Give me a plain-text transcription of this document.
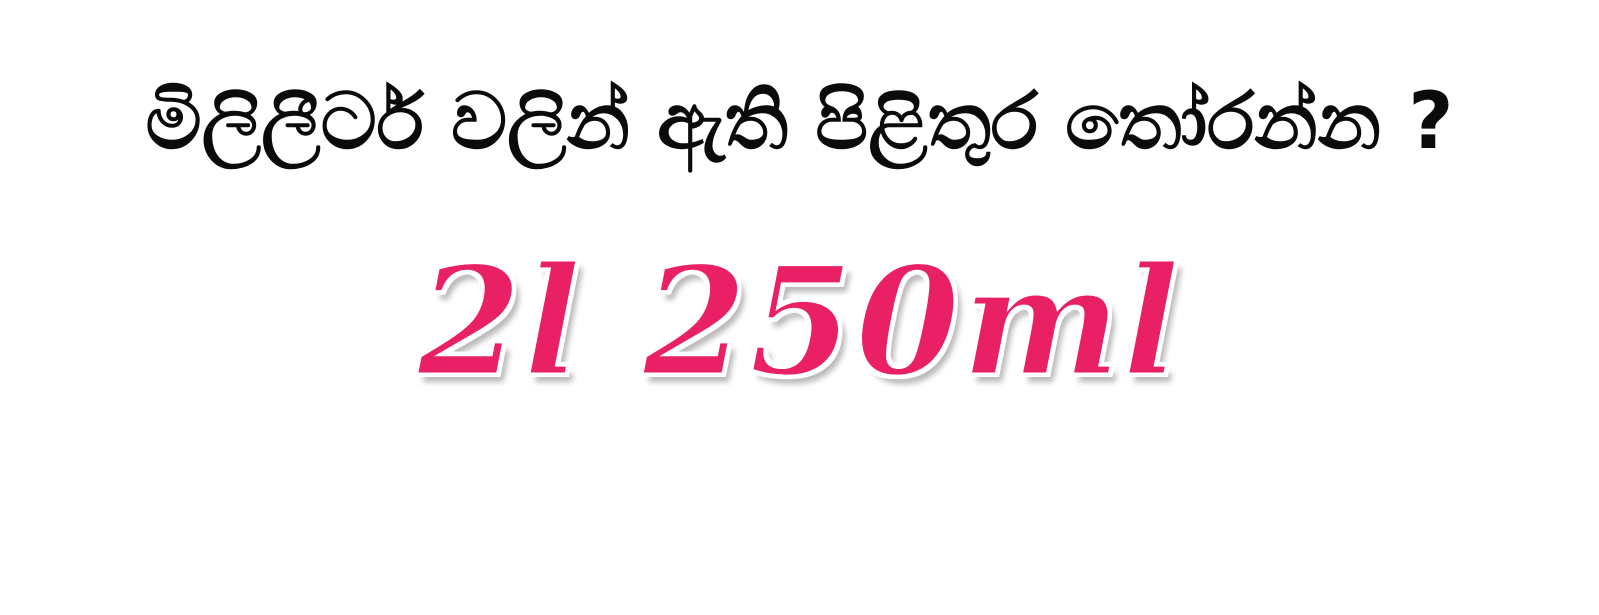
මිලිලීටර් වලින් ඇති පිළිතුර තෝරන්න ?
2l 250ml
